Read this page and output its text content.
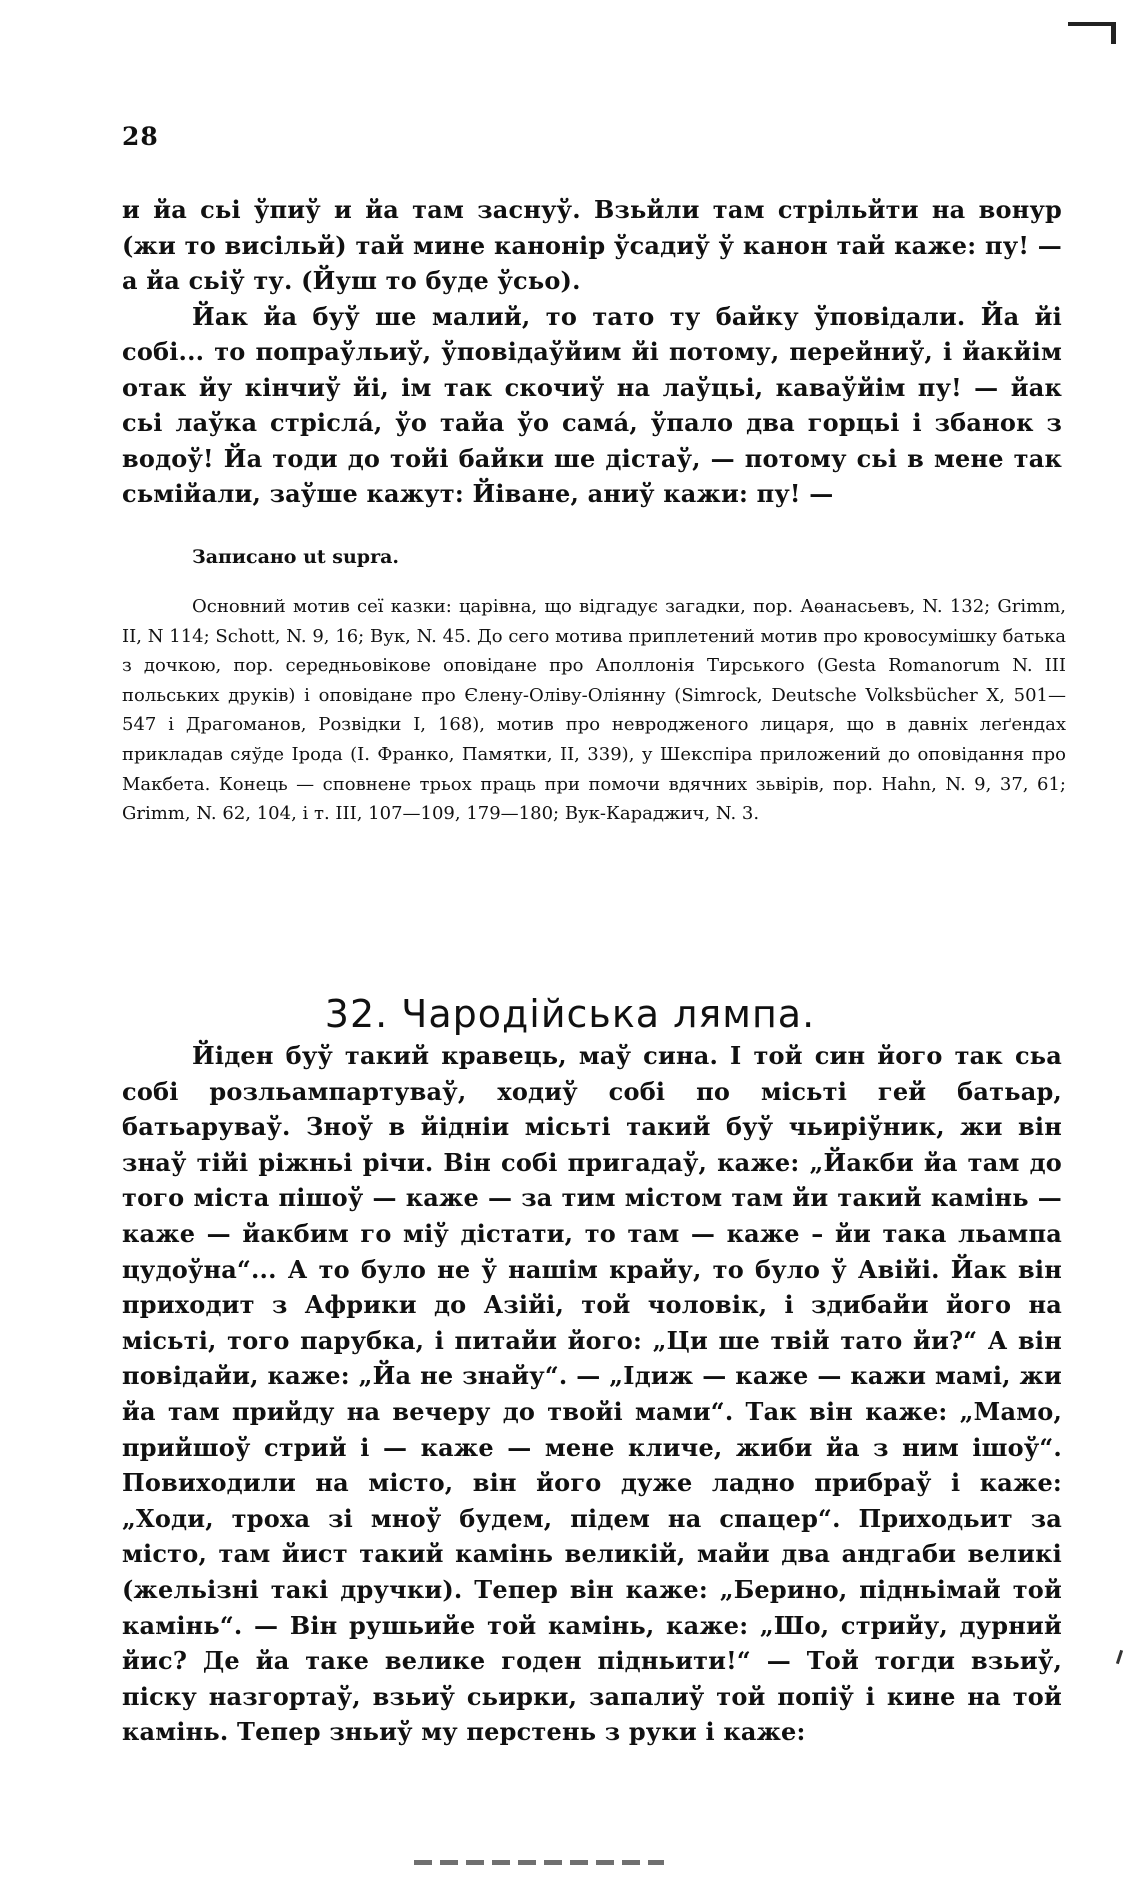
28

и йа сьі ўпиў и йа там заснуў. Взьйли там стрільйти на вонур (жи то висільй) тай мине канонір ўсадиў ў канон тай каже: пу! — а йа сьіў ту. (Йуш то буде ўсьо).

Йак йа буў ше малий, то тато ту байку ўповідали. Йа йі собі... то попраўльиў, ўповідаўйим йі потому, перейниў, і йакйім отак йу кінчиў йі, ім так скочиў на лаўцьі, каваўйім пу! — йак сьі лаўка стріслá, ўо тайа ўо самá, ўпало два горцьі і збанок з водоў! Йа тоди до тойі байки ше дістаў, — потому сьі в мене так сьмійали, заўше кажут: Йіване, аниў кажи: пу! —

Записано ut supra.

Основний мотив сеї казки: царівна, що відгадує загадки, пор. Аѳанасьевъ, N. 132; Grimm, II, N 114; Schott, N. 9, 16; Вук, N. 45. До сего мотива приплетений мотив про кровосумішку батька з дочкою, пор. середньовікове оповідане про Аполлонія Тирського (Gesta Romanorum N. III польських друків) і оповідане про Єлену-Оліву-Оліянну (Simrock, Deutsche Volksbücher X, 501—547 і Драгоманов, Розвідки I, 168), мотив про невродженого лицаря, що в давніх леґендах прикладав сяўде Ірода (I. Франко, Памятки, II, 339), у Шекспіра приложений до оповідання про Макбета. Конець — сповнене трьох праць при помочи вдячних зьвірів, пор. Hahn, N. 9, 37, 61; Grimm, N. 62, 104, і т. III, 107—109, 179—180; Вук-Караджич, N. 3.

32. Чародійська лямпа.

Йіден буў такий кравець, маў сина. І той син його так сьа собі розльампартуваў, ходиў собі по місьті гей батьар, батьаруваў. Зноў в йідніи місьті такий буў чьиріўник, жи він знаў тійі ріжньі річи. Він собі пригадаў, каже: „Йакби йа там до того міста пішоў — каже — за тим містом там йи такий камінь — каже — йакбим го міў дістати, то там — каже – йи така льампа цудоўна“... А то було не ў нашім крайу, то було ў Авійі. Йак він приходит з Африки до Азійі, той чоловік, і здибайи його на місьті, того парубка, і питайи його: „Ци ше твій тато йи?“ А він повідайи, каже: „Йа не знайу“. — „Ідиж — каже — кажи мамі, жи йа там прийду на вечеру до твойі мами“. Так він каже: „Мамо, прийшоў стрий і — каже — мене кличе, жиби йа з ним ішоў“. Повиходили на місто, він його дуже ладно прибраў і каже: „Ходи, троха зі мноў будем, підем на спацер“. Приходьит за місто, там йист такий камінь великій, майи два андгаби великі (жельізні такі дручки). Тепер він каже: „Берино, підньімай той камінь“. — Він рушьийе той камінь, каже: „Шо, стрийу, дурний йис? Де йа таке велике годен підньити!“ — Той тогди взьиў, піску назгортаў, взьиў сьирки, запалиў той попіў і кине на той камінь. Тепер зньиў му перстень з руки і каже:
